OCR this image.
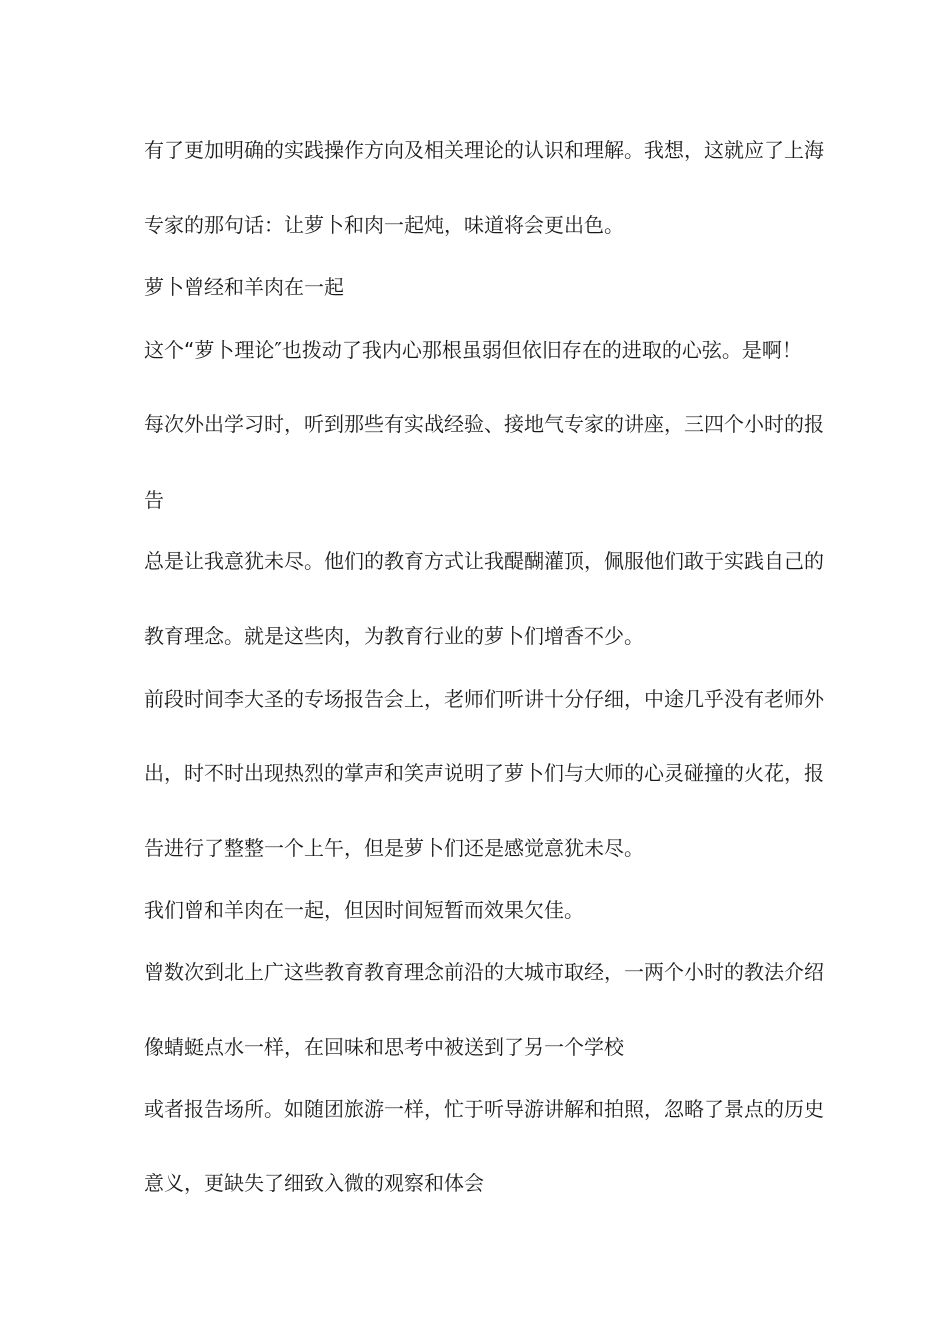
有了更加明确的实践操作方向及相关理论的认识和理解。我想，这就应了上海
专家的那句话：让萝卜和肉一起炖，味道将会更出色。
萝卜曾经和羊肉在一起
这个“萝卜理论″也拨动了我内心那根虽弱但依旧存在的进取的心弦。是啊！
每次外出学习时，听到那些有实战经验、接地气专家的讲座，三四个小时的报
告
总是让我意犹未尽。他们的教育方式让我醍醐灌顶，佩服他们敢于实践自己的
教育理念。就是这些肉，为教育行业的萝卜们增香不少。
前段时间李大圣的专场报告会上，老师们听讲十分仔细，中途几乎没有老师外
出，时不时出现热烈的掌声和笑声说明了萝卜们与大师的心灵碰撞的火花，报
告进行了整整一个上午，但是萝卜们还是感觉意犹未尽。
我们曾和羊肉在一起，但因时间短暂而效果欠佳。
曾数次到北上广这些教育教育理念前沿的大城市取经，一两个小时的教法介绍
像蜻蜓点水一样，在回味和思考中被送到了另一个学校
或者报告场所。如随团旅游一样，忙于听导游讲解和拍照，忽略了景点的历史
意义，更缺失了细致入微的观察和体会
